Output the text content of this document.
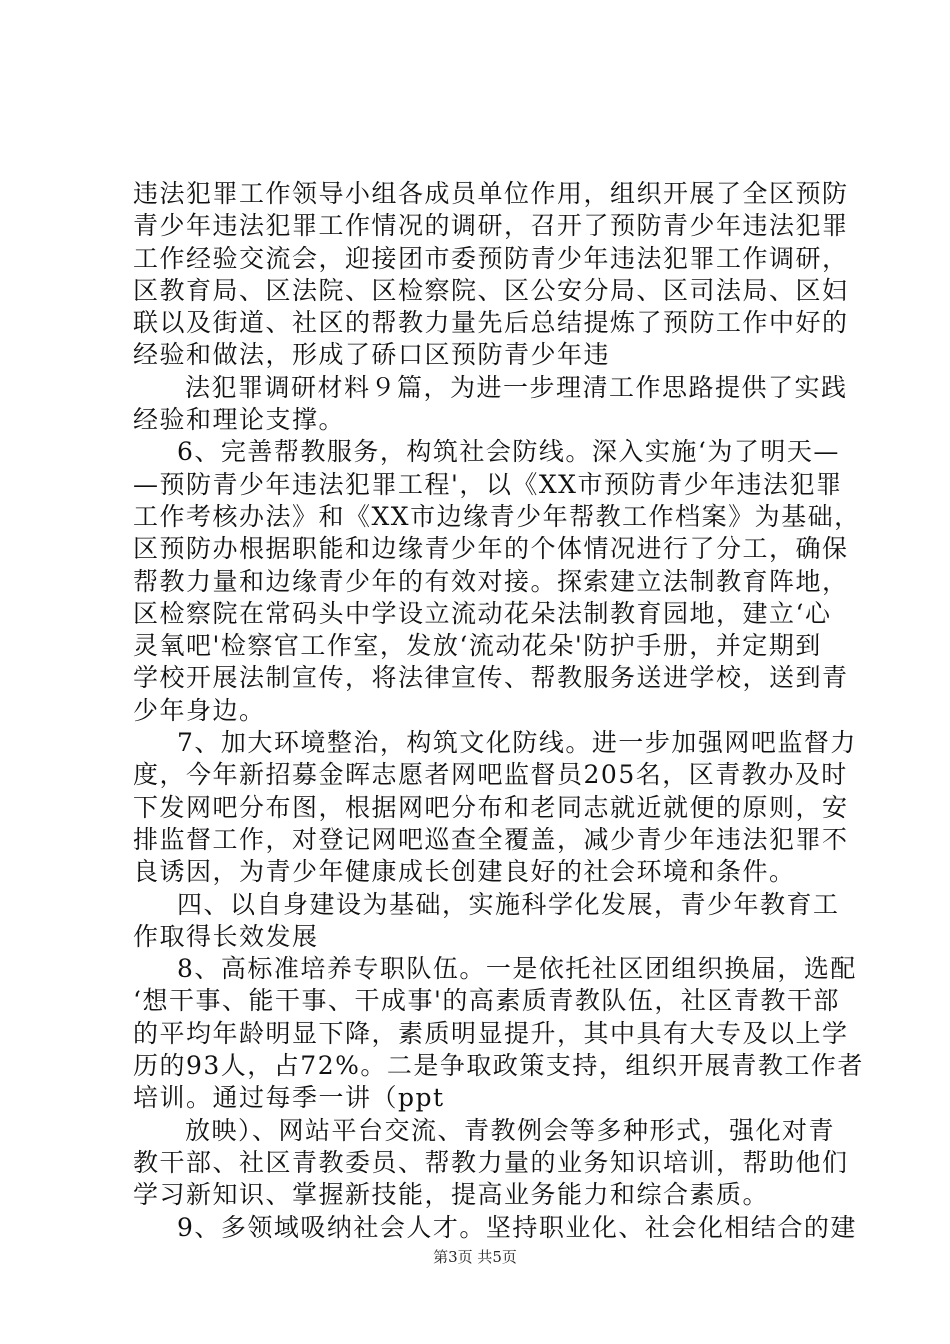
违法犯罪工作领导小组各成员单位作用，组织开展了全区预防
青少年违法犯罪工作情况的调研，召开了预防青少年违法犯罪
工作经验交流会，迎接团市委预防青少年违法犯罪工作调研，
区教育局、区法院、区检察院、区公安分局、区司法局、区妇
联以及街道、社区的帮教力量先后总结提炼了预防工作中好的
经验和做法，形成了硚口区预防青少年违
法犯罪调研材料９篇，为进一步理清工作思路提供了实践
经验和理论支撑。
6、完善帮教服务，构筑社会防线。深入实施‘为了明天—
—预防青少年违法犯罪工程'，以《XX市预防青少年违法犯罪
工作考核办法》和《XX市边缘青少年帮教工作档案》为基础，
区预防办根据职能和边缘青少年的个体情况进行了分工，确保
帮教力量和边缘青少年的有效对接。探索建立法制教育阵地，
区检察院在常码头中学设立流动花朵法制教育园地，建立‘心
灵氧吧'检察官工作室，发放‘流动花朵'防护手册，并定期到
学校开展法制宣传，将法律宣传、帮教服务送进学校，送到青
少年身边。
7、加大环境整治，构筑文化防线。进一步加强网吧监督力
度，今年新招募金晖志愿者网吧监督员205名，区青教办及时
下发网吧分布图，根据网吧分布和老同志就近就便的原则，安
排监督工作，对登记网吧巡查全覆盖，减少青少年违法犯罪不
良诱因，为青少年健康成长创建良好的社会环境和条件。
四、以自身建设为基础，实施科学化发展，青少年教育工
作取得长效发展
8、高标准培养专职队伍。一是依托社区团组织换届，选配
‘想干事、能干事、干成事'的高素质青教队伍，社区青教干部
的平均年龄明显下降，素质明显提升，其中具有大专及以上学
历的93人，占72%。二是争取政策支持，组织开展青教工作者
培训。通过每季一讲（ppt
放映）、网站平台交流、青教例会等多种形式，强化对青
教干部、社区青教委员、帮教力量的业务知识培训，帮助他们
学习新知识、掌握新技能，提高业务能力和综合素质。
9、多领域吸纳社会人才。坚持职业化、社会化相结合的建
第3页 共5页
